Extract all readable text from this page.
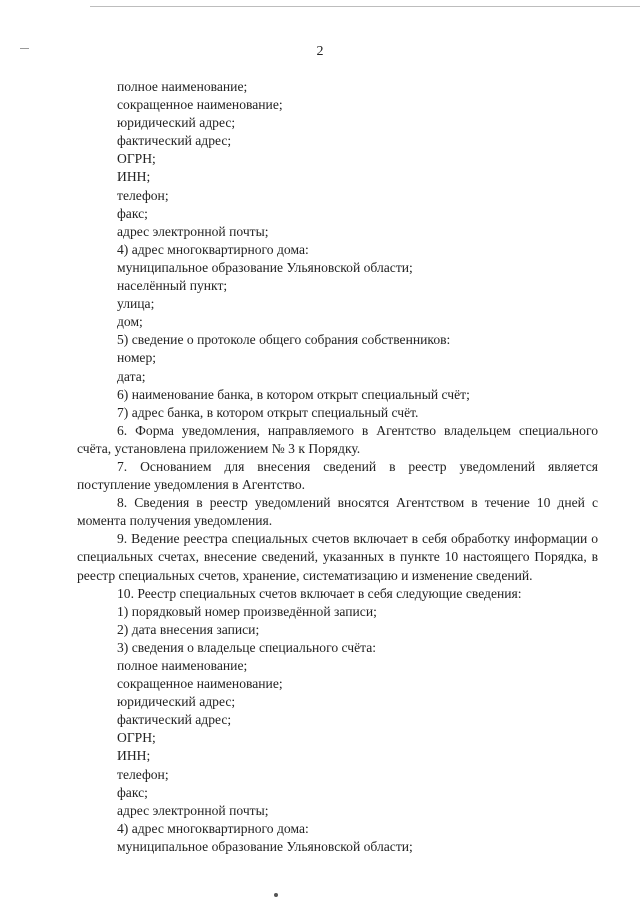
2
полное наименование;
сокращенное наименование;
юридический адрес;
фактический адрес;
ОГРН;
ИНН;
телефон;
факс;
адрес электронной почты;
4) адрес многоквартирного дома:
муниципальное образование Ульяновской области;
населённый пункт;
улица;
дом;
5) сведение о протоколе общего собрания собственников:
номер;
дата;
6) наименование банка, в котором открыт специальный счёт;
7) адрес банка, в котором открыт специальный счёт.
6. Форма уведомления, направляемого в Агентство владельцем специального счёта, установлена приложением № 3 к Порядку.
7. Основанием для внесения сведений в реестр уведомлений является поступление уведомления в Агентство.
8. Сведения в реестр уведомлений вносятся Агентством в течение 10 дней с момента получения уведомления.
9. Ведение реестра специальных счетов включает в себя обработку информации о специальных счетах, внесение сведений, указанных в пункте 10 настоящего Порядка, в реестр специальных счетов, хранение, систематизацию и изменение сведений.
10. Реестр специальных счетов включает в себя следующие сведения:
1) порядковый номер произведённой записи;
2) дата внесения записи;
3) сведения о владельце специального счёта:
полное наименование;
сокращенное наименование;
юридический адрес;
фактический адрес;
ОГРН;
ИНН;
телефон;
факс;
адрес электронной почты;
4) адрес многоквартирного дома:
муниципальное образование Ульяновской области;
